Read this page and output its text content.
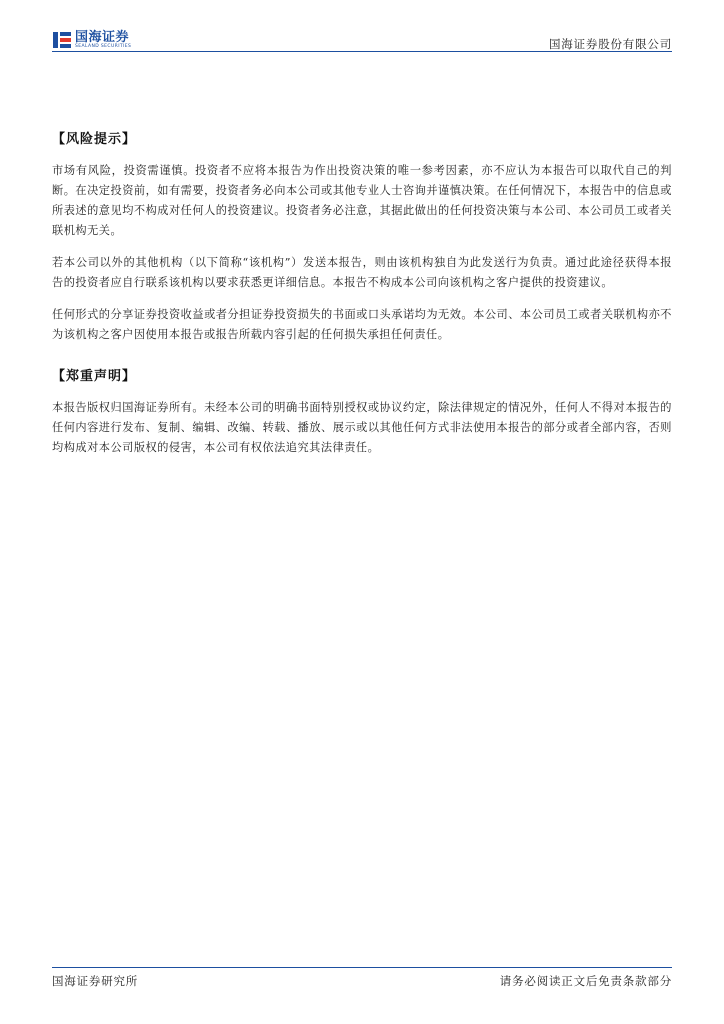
国海证券
SEALAND SECURITIES	国海证券股份有限公司
【风险提示】

市场有风险，投资需谨慎。投资者不应将本报告为作出投资决策的唯一参考因素，亦不应认为本报告可以取代自己的判断。在决定投资前，如有需要，投资者务必向本公司或其他专业人士咨询并谨慎决策。在任何情况下，本报告中的信息或所表述的意见均不构成对任何人的投资建议。投资者务必注意，其据此做出的任何投资决策与本公司、本公司员工或者关联机构无关。

若本公司以外的其他机构（以下简称“该机构”）发送本报告，则由该机构独自为此发送行为负责。通过此途径获得本报告的投资者应自行联系该机构以要求获悉更详细信息。本报告不构成本公司向该机构之客户提供的投资建议。

任何形式的分享证券投资收益或者分担证券投资损失的书面或口头承诺均为无效。本公司、本公司员工或者关联机构亦不为该机构之客户因使用本报告或报告所载内容引起的任何损失承担任何责任。

【郑重声明】

本报告版权归国海证券所有。未经本公司的明确书面特别授权或协议约定，除法律规定的情况外，任何人不得对本报告的任何内容进行发布、复制、编辑、改编、转载、播放、展示或以其他任何方式非法使用本报告的部分或者全部内容，否则均构成对本公司版权的侵害，本公司有权依法追究其法律责任。

国海证券研究所	请务必阅读正文后免责条款部分
